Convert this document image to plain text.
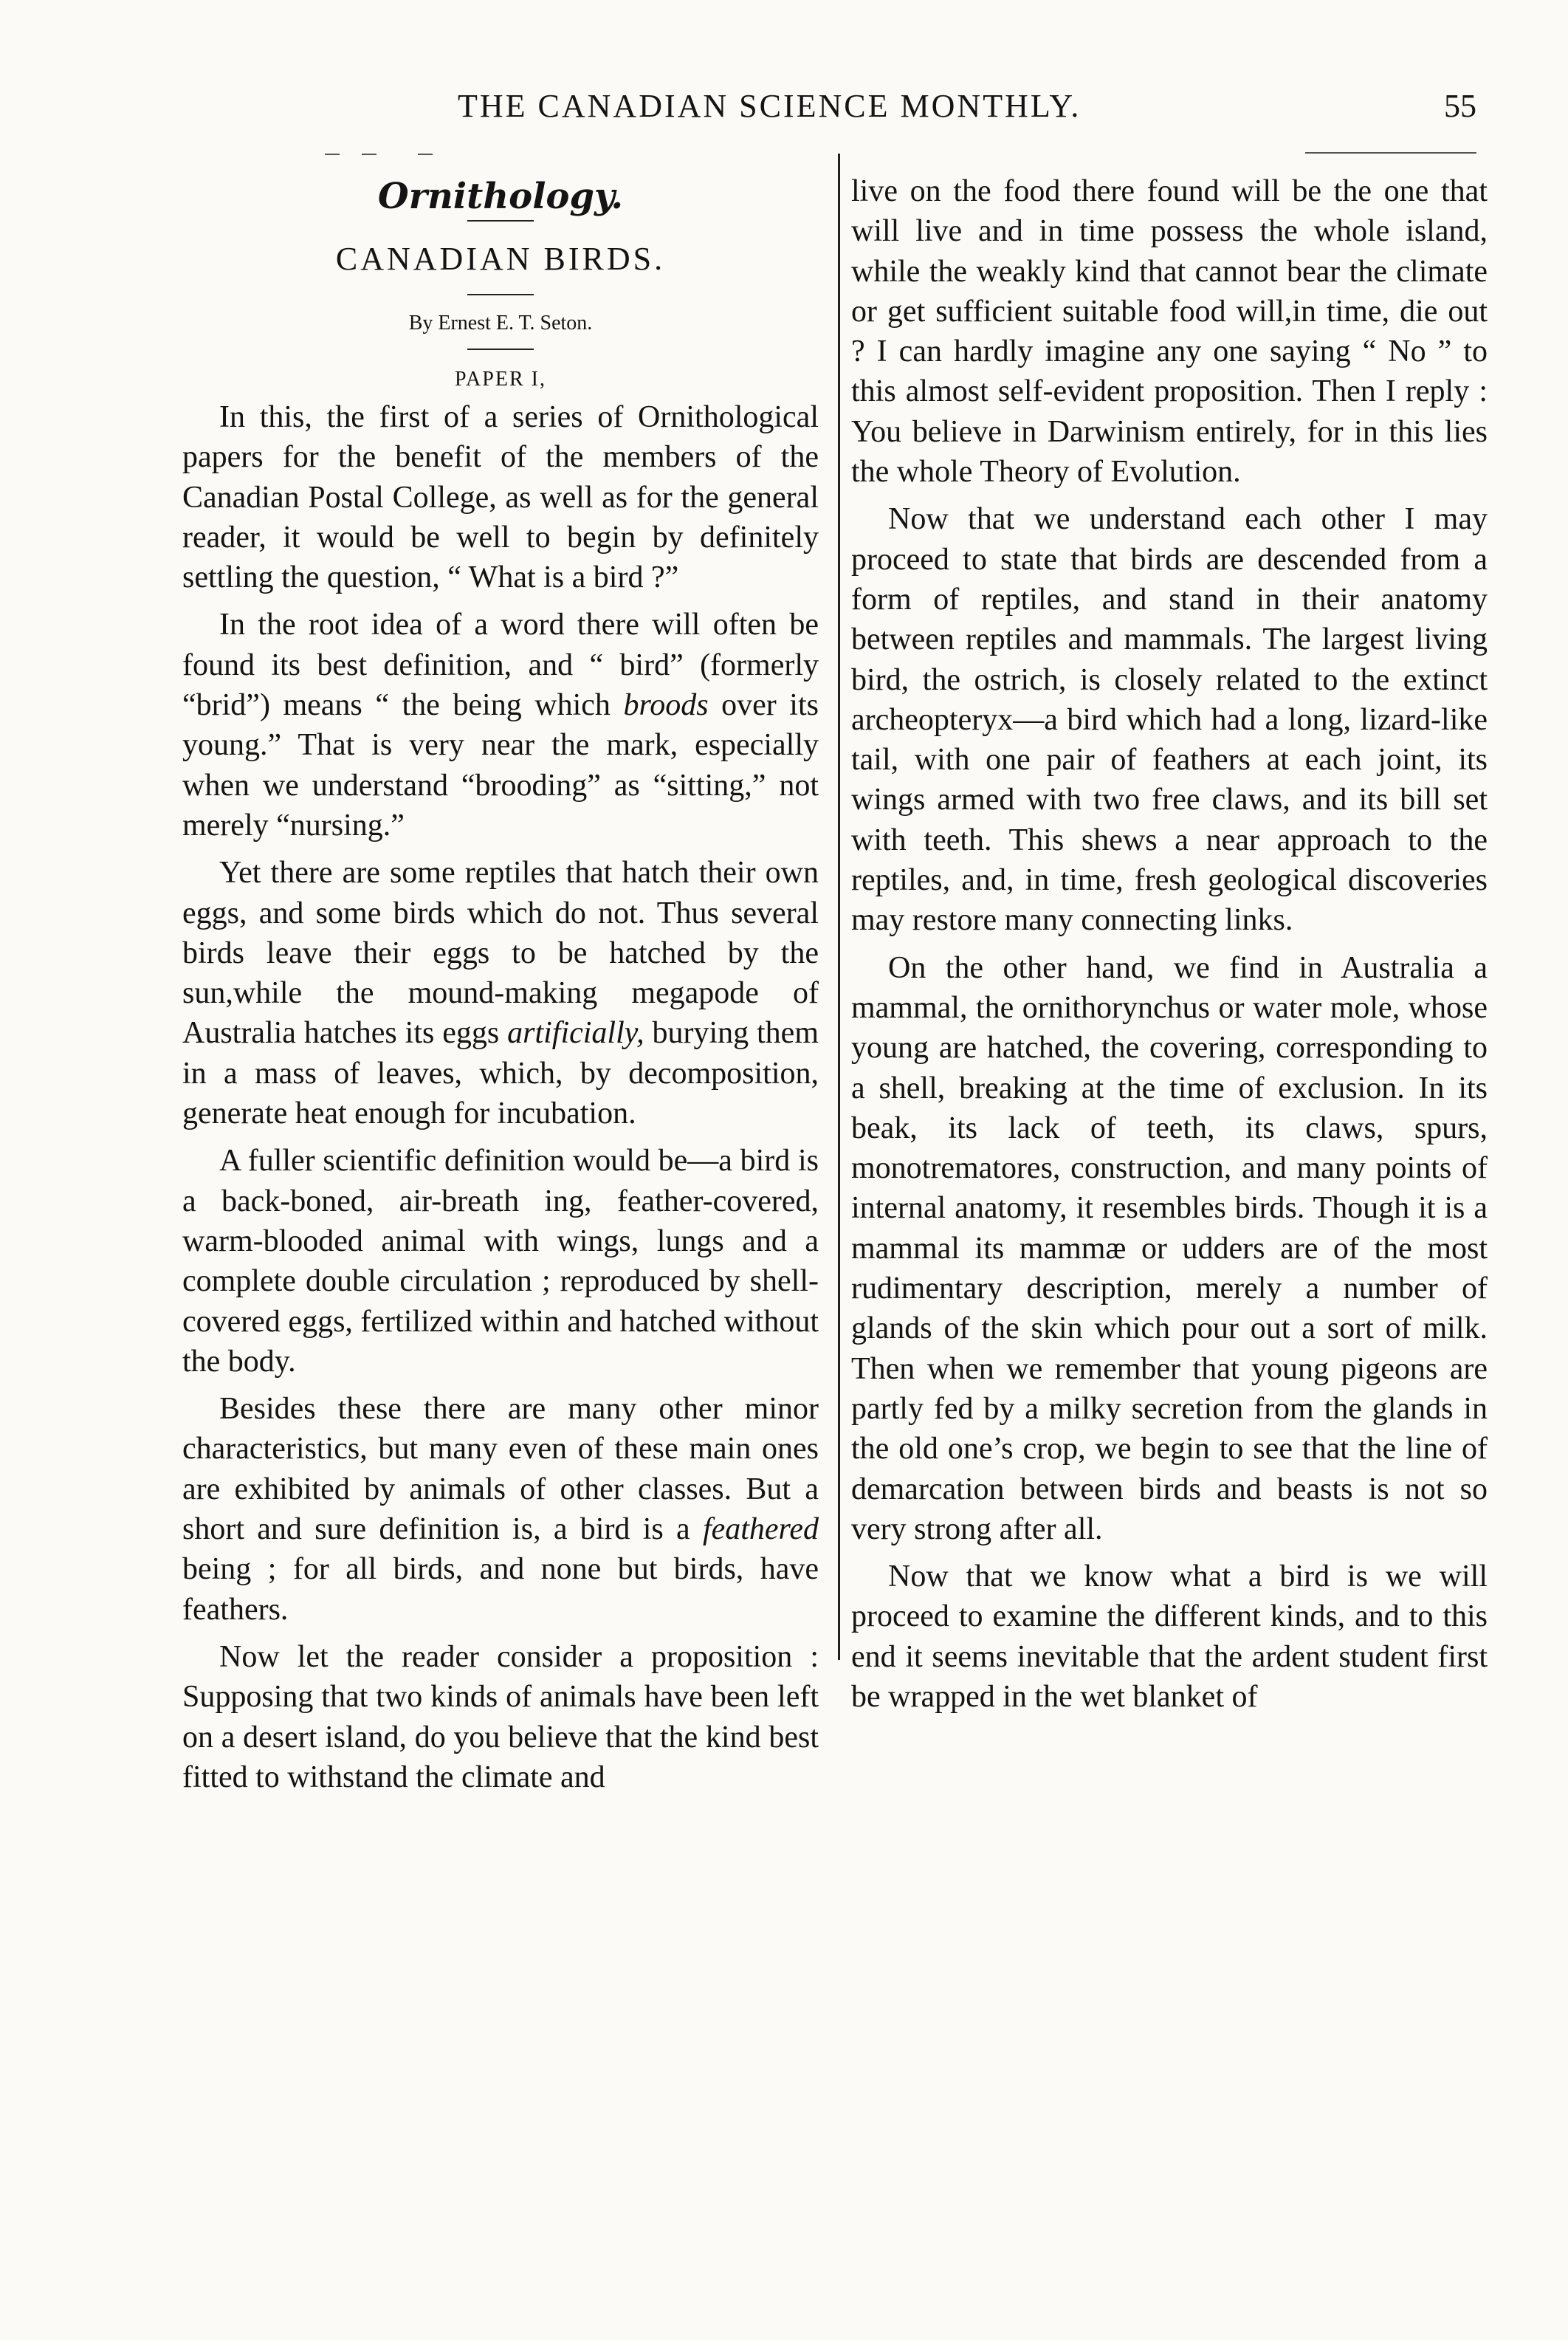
THE CANADIAN SCIENCE MONTHLY.	55
Ornithology.
CANADIAN BIRDS.
By Ernest E. T. Seton.
PAPER I,

In this, the first of a series of Ornithological papers for the benefit of the members of the Canadian Postal College, as well as for the general reader, it would be well to begin by definitely settling the question, “ What is a bird ?”

In the root idea of a word there will often be found its best definition, and “ bird” (formerly “brid”) means “ the being which broods over its young.” That is very near the mark, especially when we understand “brooding” as “sitting,” not merely “nursing.”

Yet there are some reptiles that hatch their own eggs, and some birds which do not. Thus several birds leave their eggs to be hatched by the sun,while the mound-making megapode of Australia hatches its eggs artificially, burying them in a mass of leaves, which, by decomposition, generate heat enough for incubation.

A fuller scientific definition would be—a bird is a back-boned, air-breath ing, feather-covered, warm-blooded animal with wings, lungs and a complete double circulation ; reproduced by shell-covered eggs, fertilized within and hatched without the body.

Besides these there are many other minor characteristics, but many even of these main ones are exhibited by animals of other classes. But a short and sure definition is, a bird is a feathered being ; for all birds, and none but birds, have feathers.

Now let the reader consider a proposition : Supposing that two kinds of animals have been left on a desert island, do you believe that the kind best fitted to withstand the climate and

live on the food there found will be the one that will live and in time possess the whole island, while the weakly kind that cannot bear the climate or get sufficient suitable food will,in time, die out ? I can hardly imagine any one saying “ No ” to this almost self-evident proposition. Then I reply : You believe in Darwinism entirely, for in this lies the whole Theory of Evolution.

Now that we understand each other I may proceed to state that birds are descended from a form of reptiles, and stand in their anatomy between reptiles and mammals. The largest living bird, the ostrich, is closely related to the extinct archeopteryx—a bird which had a long, lizard-like tail, with one pair of feathers at each joint, its wings armed with two free claws, and its bill set with teeth. This shews a near approach to the reptiles, and, in time, fresh geological discoveries may restore many connecting links.

On the other hand, we find in Australia a mammal, the ornithorynchus or water mole, whose young are hatched, the covering, corresponding to a shell, breaking at the time of exclusion. In its beak, its lack of teeth, its claws, spurs, monotrematores, construction, and many points of internal anatomy, it resembles birds. Though it is a mammal its mammæ or udders are of the most rudimentary description, merely a number of glands of the skin which pour out a sort of milk. Then when we remember that young pigeons are partly fed by a milky secretion from the glands in the old one’s crop, we begin to see that the line of demarcation between birds and beasts is not so very strong after all.

Now that we know what a bird is we will proceed to examine the different kinds, and to this end it seems inevitable that the ardent student first be wrapped in the wet blanket of
